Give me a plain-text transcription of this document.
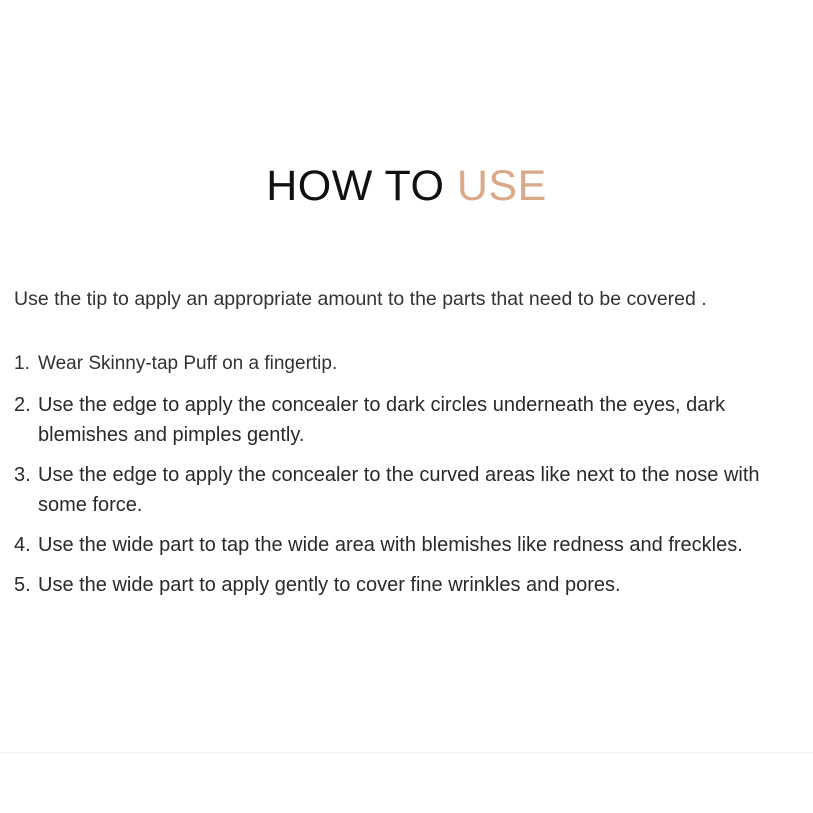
HOW TO USE

Use the tip to apply an appropriate amount to the parts that need to be covered .

1. Wear Skinny-tap Puff on a fingertip.
2. Use the edge to apply the concealer to dark circles underneath the eyes, dark blemishes and pimples gently.
3. Use the edge to apply the concealer to the curved areas like next to the nose with some force.
4. Use the wide part to tap the wide area with blemishes like redness and freckles.
5. Use the wide part to apply gently to cover fine wrinkles and pores.
